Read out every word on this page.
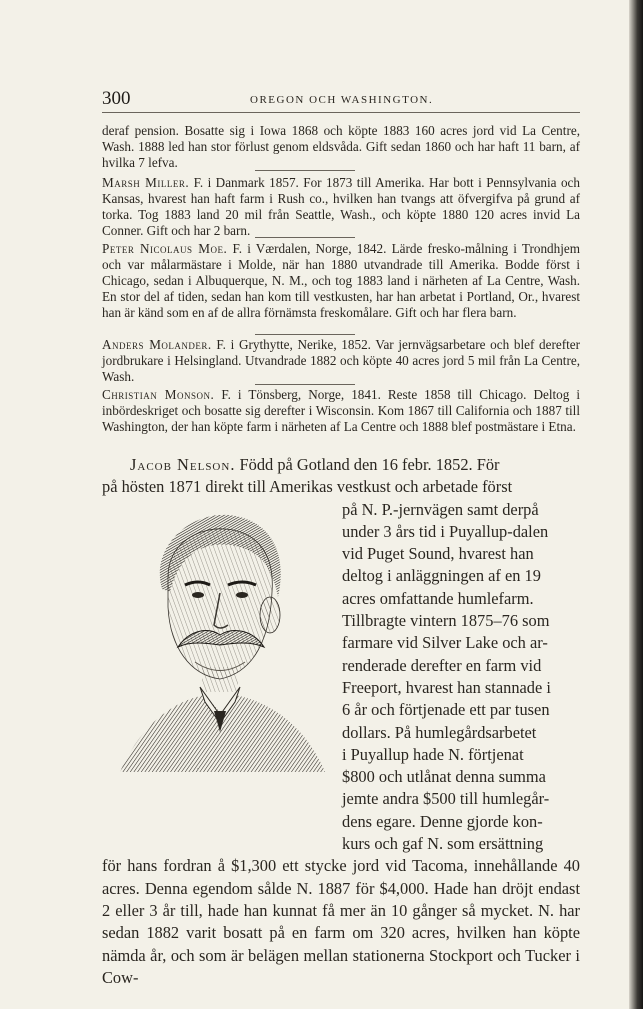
300	OREGON OCH WASHINGTON.

deraf pension. Bosatte sig i Iowa 1868 och köpte 1883 160 acres jord vid La Centre, Wash. 1888 led han stor förlust genom eldsvåda. Gift sedan 1860 och har haft 11 barn, af hvilka 7 lefva.

Marsh Miller. F. i Danmark 1857. For 1873 till Amerika. Har bott i Pennsylvania och Kansas, hvarest han haft farm i Rush co., hvilken han tvangs att öfvergifva på grund af torka. Tog 1883 land 20 mil från Seattle, Wash., och köpte 1880 120 acres invid La Conner. Gift och har 2 barn.

Peter Nicolaus Moe. F. i Værdalen, Norge, 1842. Lärde fresko-målning i Trondhjem och var målarmästare i Molde, när han 1880 utvandrade till Amerika. Bodde först i Chicago, sedan i Albuquerque, N. M., och tog 1883 land i närheten af La Centre, Wash. En stor del af tiden, sedan han kom till vestkusten, har han arbetat i Portland, Or., hvarest han är känd som en af de allra förnämsta freskomålare. Gift och har flera barn.

Anders Molander. F. i Grythytte, Nerike, 1852. Var jernvägsarbetare och blef derefter jordbrukare i Helsingland. Utvandrade 1882 och köpte 40 acres jord 5 mil från La Centre, Wash.

Christian Monson. F. i Tönsberg, Norge, 1841. Reste 1858 till Chicago. Deltog i inbördeskriget och bosatte sig derefter i Wisconsin. Kom 1867 till California och 1887 till Washington, der han köpte farm i närheten af La Centre och 1888 blef postmästare i Etna.

Jacob Nelson. Född på Gotland den 16 febr. 1852. För
på hösten 1871 direkt till Amerikas vestkust och arbetade först
på N. P.-jernvägen samt derpå
under 3 års tid i Puyallup-dalen
vid Puget Sound, hvarest han
deltog i anläggningen af en 19
acres omfattande humlefarm.
Tillbragte vintern 1875–76 som
farmare vid Silver Lake och ar-
renderade derefter en farm vid
Freeport, hvarest han stannade i
6 år och förtjenade ett par tusen
dollars. På humlegårdsarbetet
i Puyallup hade N. förtjenat
$800 och utlånat denna summa
jemte andra $500 till humlegår-
dens egare. Denne gjorde kon-
kurs och gaf N. som ersättning

för hans fordran å $1,300 ett stycke jord vid Tacoma, innehållande 40 acres. Denna egendom sålde N. 1887 för $4,000. Hade han dröjt endast 2 eller 3 år till, hade han kunnat få mer än 10 gånger så mycket. N. har sedan 1882 varit bosatt på en farm om 320 acres, hvilken han köpte nämda år, och som är belägen mellan stationerna Stockport och Tucker i Cow-
